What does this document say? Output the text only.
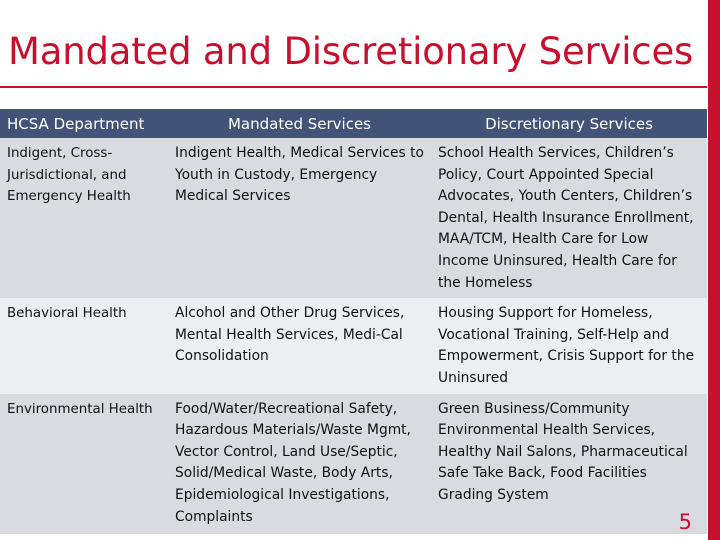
Mandated and Discretionary Services
HCSA Department	Mandated Services	Discretionary Services
Indigent, Cross-Jurisdictional, and Emergency Health	Indigent Health, Medical Services to Youth in Custody, Emergency Medical Services	School Health Services, Children’s Policy, Court Appointed Special Advocates, Youth Centers, Children’s Dental, Health Insurance Enrollment, MAA/TCM, Health Care for Low Income Uninsured, Health Care for the Homeless
Behavioral Health	Alcohol and Other Drug Services, Mental Health Services, Medi-Cal Consolidation	Housing Support for Homeless, Vocational Training, Self-Help and Empowerment, Crisis Support for the Uninsured
Environmental Health	Food/Water/Recreational Safety, Hazardous Materials/Waste Mgmt, Vector Control, Land Use/Septic, Solid/Medical Waste, Body Arts, Epidemiological Investigations, Complaints	Green Business/Community Environmental Health Services, Healthy Nail Salons, Pharmaceutical Safe Take Back, Food Facilities Grading System
5
